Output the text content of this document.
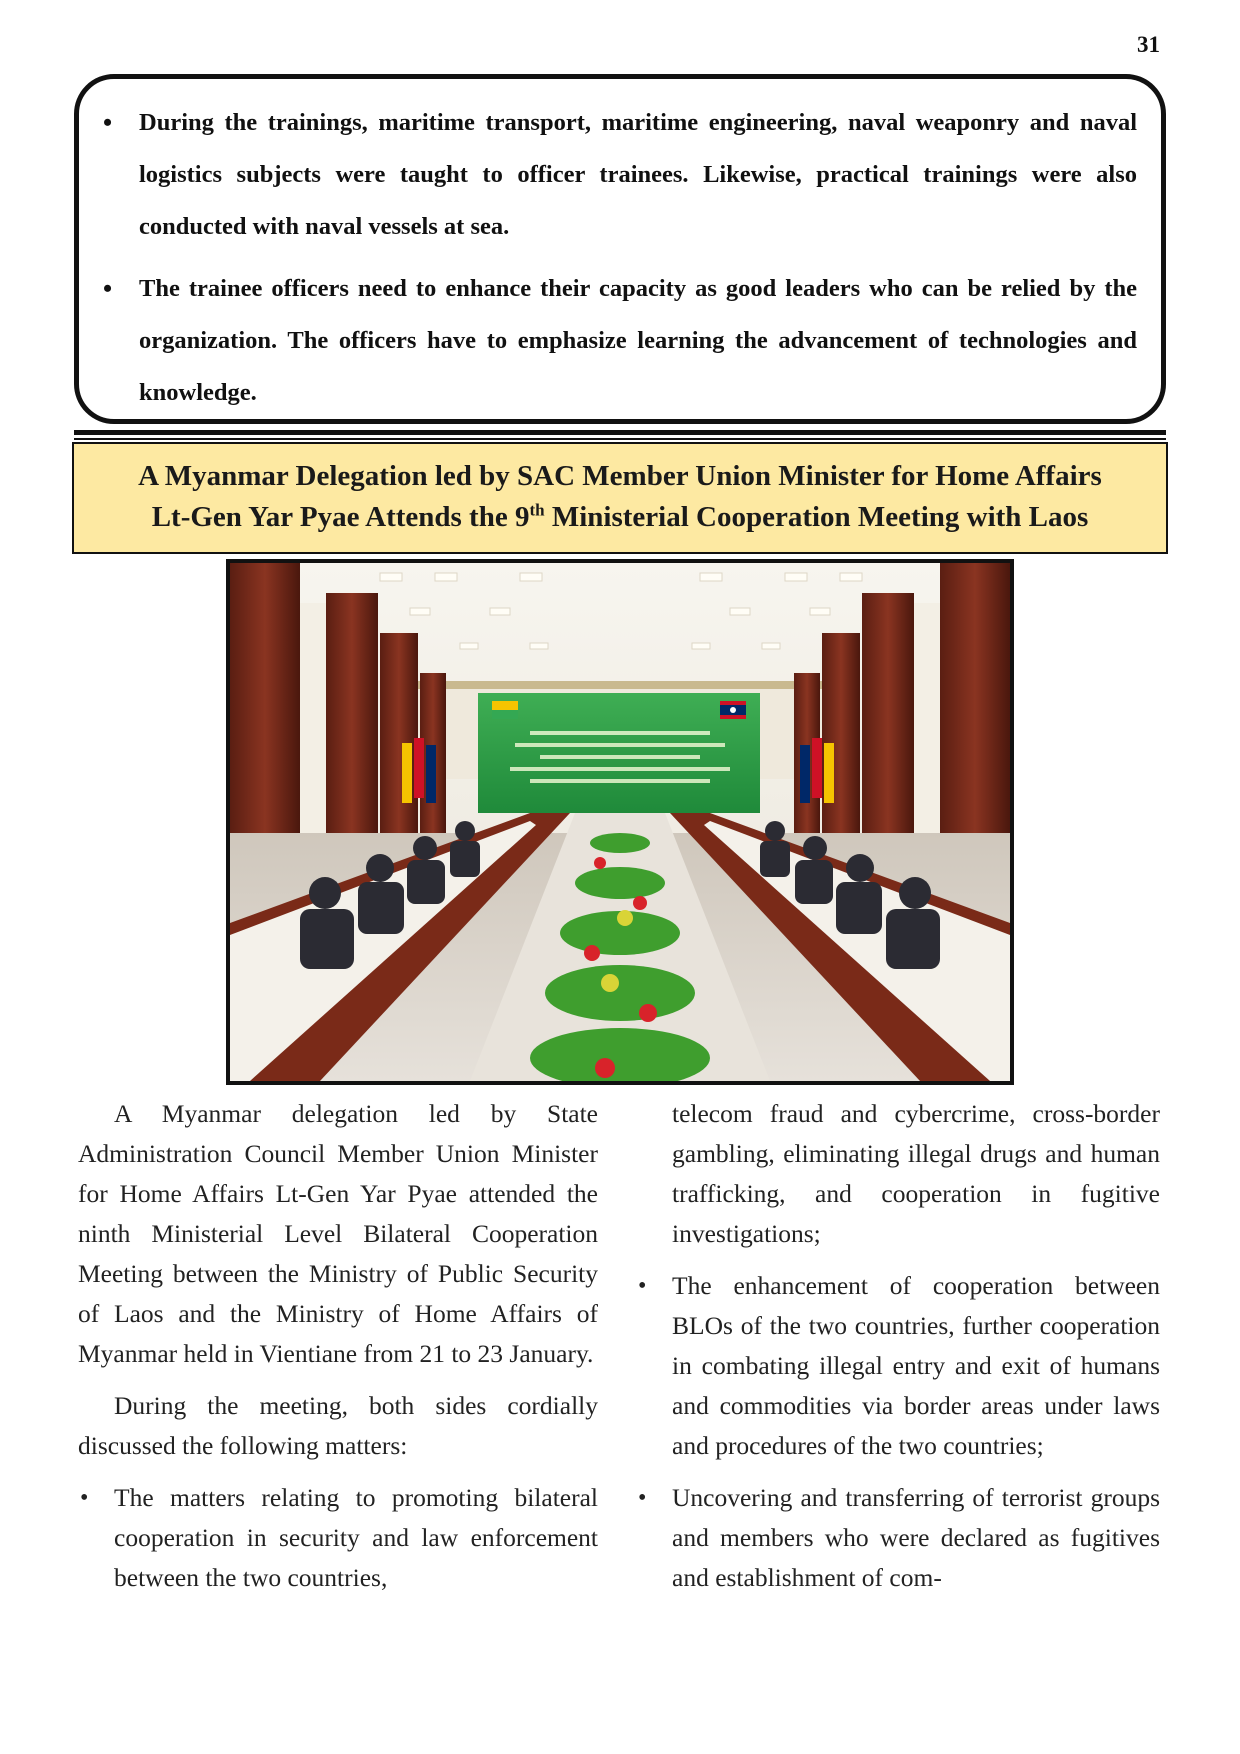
31
• During the trainings, maritime transport, maritime engineering, naval weaponry and naval logistics subjects were taught to officer trainees. Likewise, practical trainings were also conducted with naval vessels at sea.
• The trainee officers need to enhance their capacity as good leaders who can be relied by the organization. The officers have to emphasize learning the advancement of technologies and knowledge.
A Myanmar Delegation led by SAC Member Union Minister for Home Affairs
Lt-Gen Yar Pyae Attends the 9th Ministerial Cooperation Meeting with Laos

A Myanmar delegation led by State Administration Council Member Union Minister for Home Affairs Lt-Gen Yar Pyae attended the ninth Ministerial Level Bilateral Cooperation Meeting between the Ministry of Public Security of Laos and the Ministry of Home Affairs of Myanmar held in Vientiane from 21 to 23 January.

During the meeting, both sides cordially discussed the following matters:

• The matters relating to promoting bilateral cooperation in security and law enforcement between the two countries,
telecom fraud and cybercrime, cross-border gambling, eliminating illegal drugs and human trafficking, and cooperation in fugitive investigations;
• The enhancement of cooperation between BLOs of the two countries, further cooperation in combating illegal entry and exit of humans and commodities via border areas under laws and procedures of the two countries;
• Uncovering and transferring of terrorist groups and members who were declared as fugitives and establishment of com-
